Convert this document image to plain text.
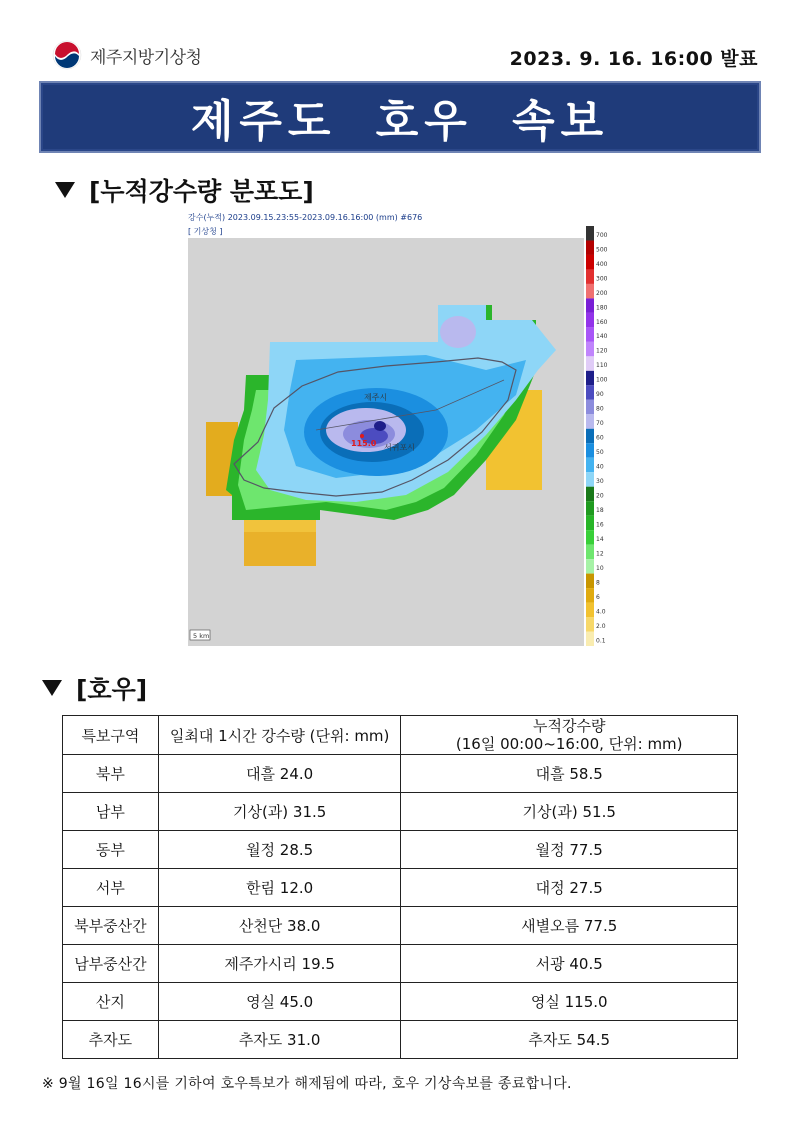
제주지방기상청	2023. 9. 16. 16:00 발표
제주도 호우 속보
[누적강수량 분포도]
강수(누적) 2023.09.15.23:55-2023.09.16.16:00 (mm) #676
[ 기상청 ]
제주시
서귀포시
115.0
5 km
700
500
400
300
200
180
160
140
120
110
100
90
80
70
60
50
40
30
20
18
16
14
12
10
8
6
4.0
2.0
0.1
[호우]
특보구역	일최대 1시간 강수량 (단위: mm)	누적강수량
(16일 00:00~16:00, 단위: mm)

북부	대흘 24.0	대흘 58.5
남부	기상(과) 31.5	기상(과) 51.5
동부	월정 28.5	월정 77.5
서부	한림 12.0	대정 27.5
북부중산간	산천단 38.0	새별오름 77.5
남부중산간	제주가시리 19.5	서광 40.5
산지	영실 45.0	영실 115.0
추자도	추자도 31.0	추자도 54.5
※ 9월 16일 16시를 기하여 호우특보가 해제됨에 따라, 호우 기상속보를 종료합니다.
